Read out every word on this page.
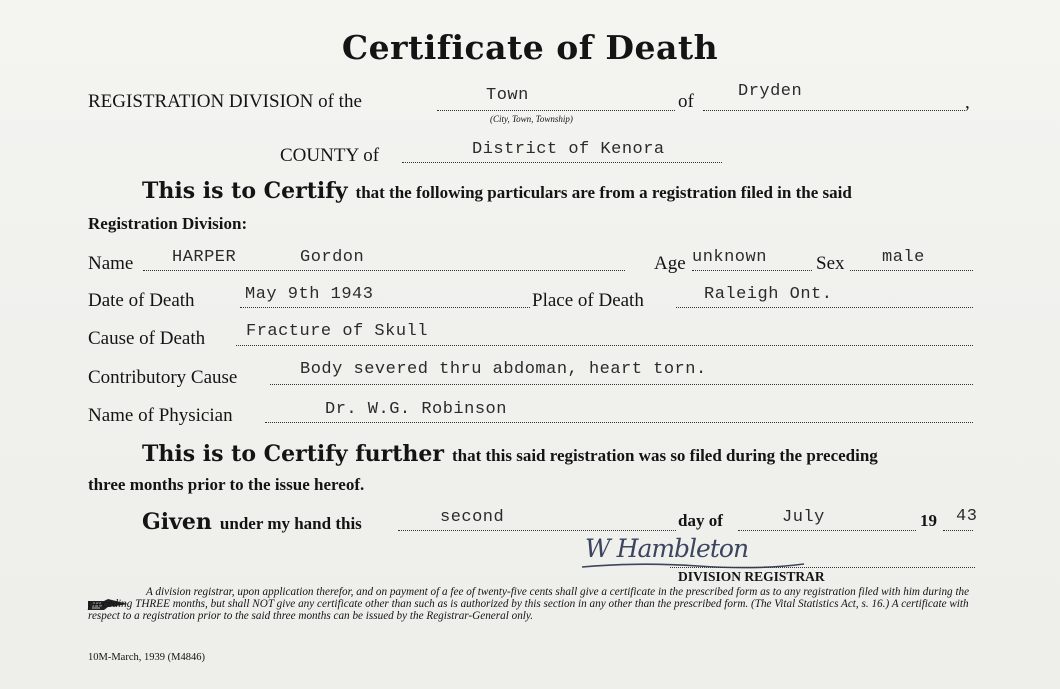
Certificate of Death
REGISTRATION DIVISION of the	Town
(City, Town, Township)
of	Dryden
,
COUNTY of	District of Kenora
This is to Certify that the following particulars are from a registration filed in the said
Registration Division:
Name HARPER	Gordon	Age unknown	Sex male
Date of Death	May 9th 1943	Place of Death	Raleigh Ont.
Cause of Death Fracture of Skull
Contributory Cause	Body severed thru abdoman, heart torn.
Name of Physician	Dr. W.G. Robinson
This is to Certify further that this said registration was so filed during the preceding
three months prior to the issue hereof.
Given under my hand this	second	day of	July	19 43
W Hambleton
DIVISION REGISTRAR
A division registrar, upon application therefor, and on payment of a fee of twenty-five cents shall give a certificate in the prescribed form as to any registration filed with him during the preceding THREE months, but shall NOT give any certificate other than such as is authorized by this section in any other than the prescribed form. (The Vital Statistics Act, s. 16.) A certificate with respect to a registration prior to the said three months can be issued by the Registrar-General only.
10M-March, 1939 (M4846)
